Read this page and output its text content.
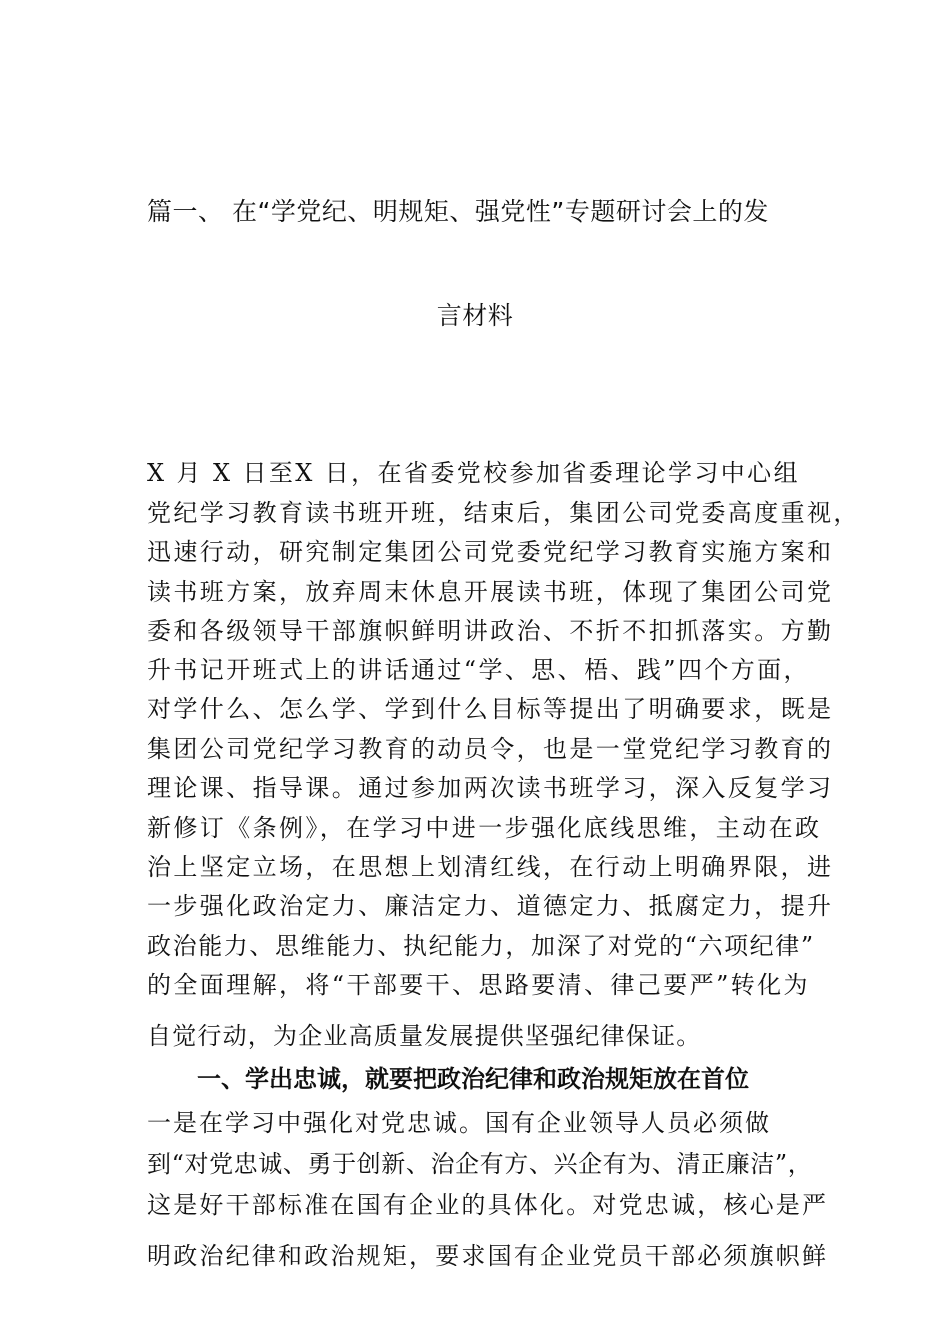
篇一、 在“学党纪、明规矩、强党性”专题研讨会上的发
言材料

X 月 X 日至X 日，在省委党校参加省委理论学习中心组

党纪学习教育读书班开班，结束后，集团公司党委高度重视，

迅速行动，研究制定集团公司党委党纪学习教育实施方案和

读书班方案，放弃周末休息开展读书班，体现了集团公司党

委和各级领导干部旗帜鲜明讲政治、不折不扣抓落实。方勤

升书记开班式上的讲话通过“学、思、梧、践”四个方面，

对学什么、怎么学、学到什么目标等提出了明确要求，既是

集团公司党纪学习教育的动员令，也是一堂党纪学习教育的

理论课、指导课。通过参加两次读书班学习，深入反复学习

新修订《条例》，在学习中进一步强化底线思维，主动在政

治上坚定立场，在思想上划清红线，在行动上明确界限，进

一步强化政治定力、廉洁定力、道德定力、抵腐定力，提升

政治能力、思维能力、执纪能力，加深了对党的“六项纪律”

的全面理解，将“干部要干、思路要清、律己要严”转化为

自觉行动，为企业高质量发展提供坚强纪律保证。

一、学出忠诚，就要把政治纪律和政治规矩放在首位

一是在学习中强化对党忠诚。国有企业领导人员必须做

到“对党忠诚、勇于创新、治企有方、兴企有为、清正廉洁”，

这是好干部标准在国有企业的具体化。对党忠诚，核心是严

明政治纪律和政治规矩，要求国有企业党员干部必须旗帜鲜
